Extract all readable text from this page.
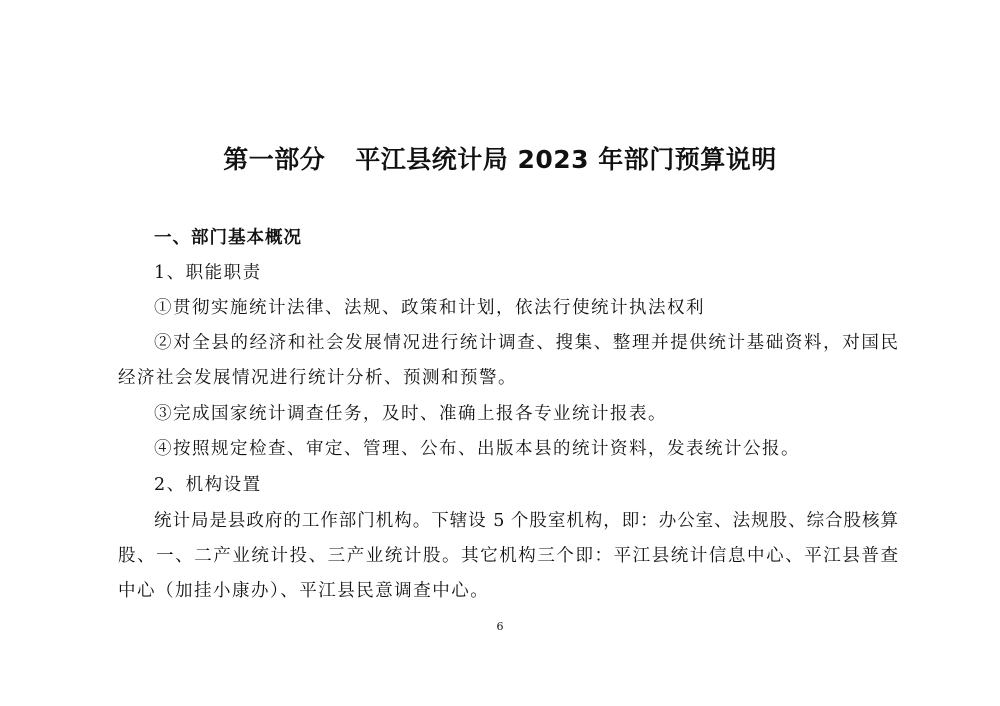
第一部分 平江县统计局 2023 年部门预算说明
一、部门基本概况
1、职能职责
①贯彻实施统计法律、法规、政策和计划，依法行使统计执法权利
②对全县的经济和社会发展情况进行统计调查、搜集、整理并提供统计基础资料，对国民
经济社会发展情况进行统计分析、预测和预警。
③完成国家统计调查任务，及时、准确上报各专业统计报表。
④按照规定检查、审定、管理、公布、出版本县的统计资料，发表统计公报。
2、机构设置
统计局是县政府的工作部门机构。下辖设 5 个股室机构，即：办公室、法规股、综合股核算
股、一、二产业统计投、三产业统计股。其它机构三个即：平江县统计信息中心、平江县普查
中心（加挂小康办）、平江县民意调查中心。
6
